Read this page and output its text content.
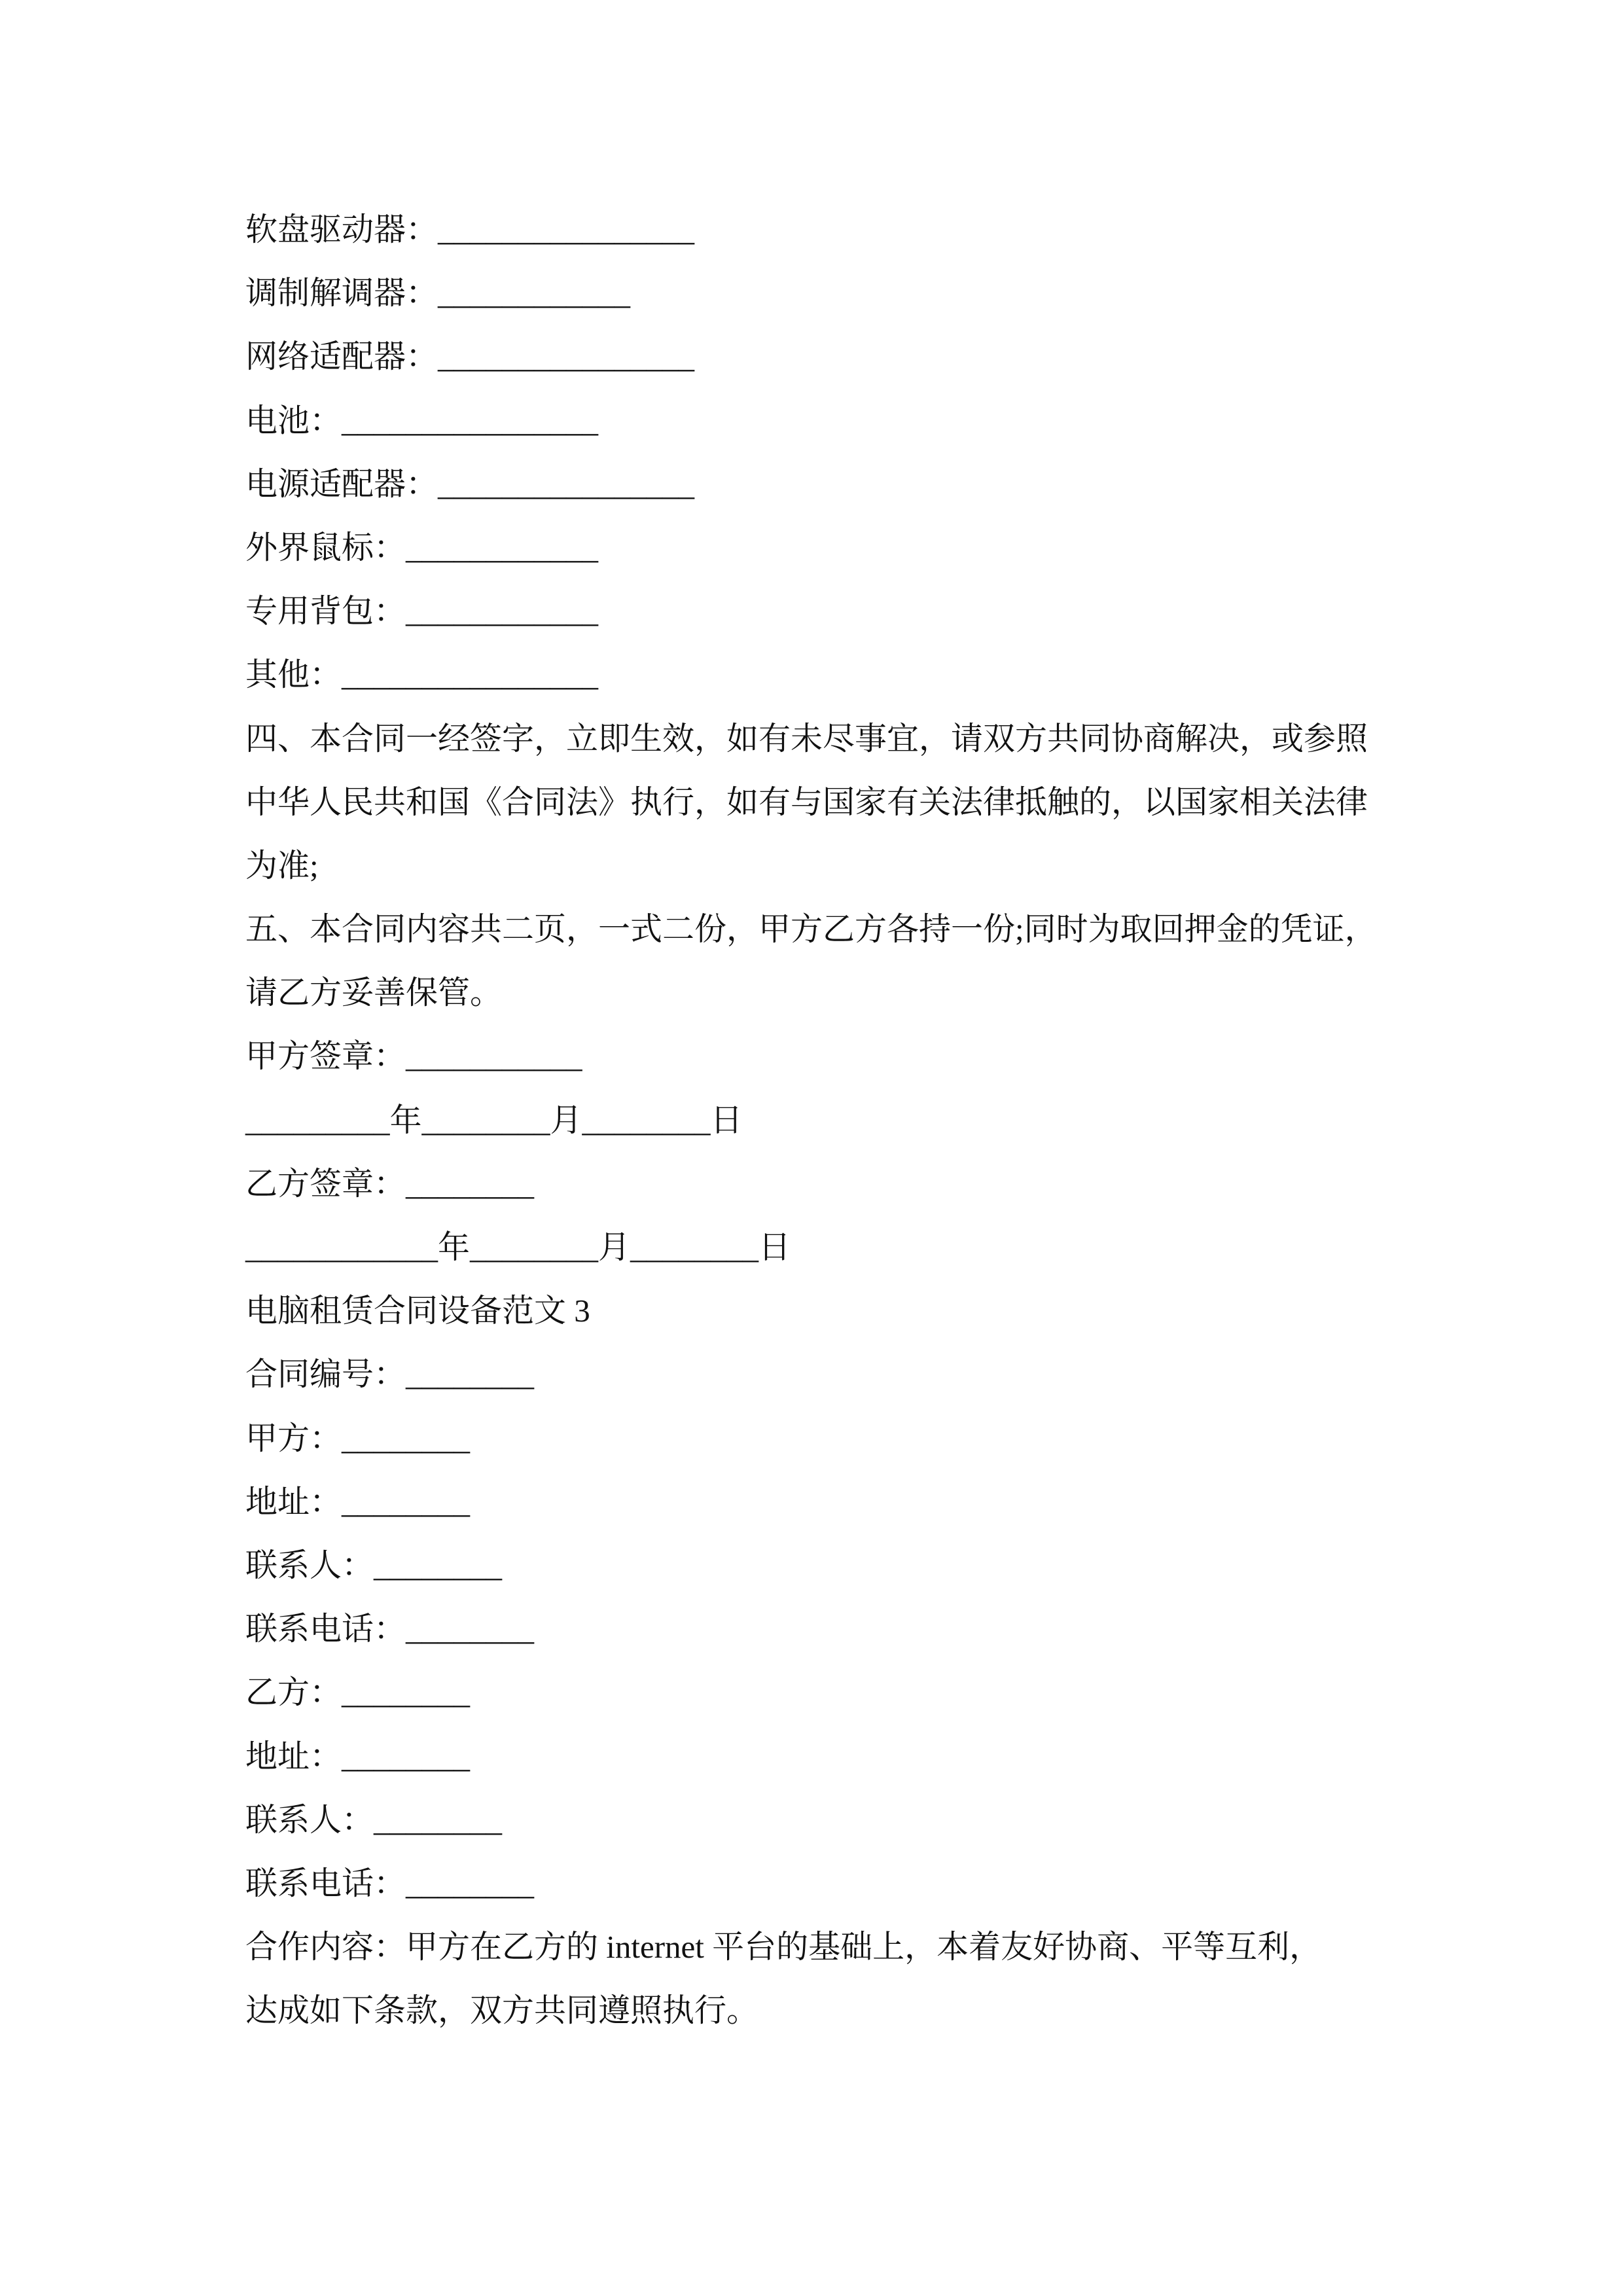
软盘驱动器：________________
调制解调器：____________
网络适配器：________________
电池：________________
电源适配器：________________
外界鼠标：____________
专用背包：____________
其他：________________
四、本合同一经签字，立即生效，如有未尽事宜，请双方共同协商解决，或参照
中华人民共和国《合同法》执行，如有与国家有关法律抵触的，以国家相关法律
为准;
五、本合同内容共二页，一式二份，甲方乙方各持一份;同时为取回押金的凭证，
请乙方妥善保管。
甲方签章：___________
_________年________月________日
乙方签章：________
____________年________月________日
电脑租赁合同设备范文 3
合同编号：________
甲方：________
地址：________
联系人：________
联系电话：________
乙方：________
地址：________
联系人：________
联系电话：________
合作内容：甲方在乙方的 internet 平台的基础上，本着友好协商、平等互利，
达成如下条款，双方共同遵照执行。
